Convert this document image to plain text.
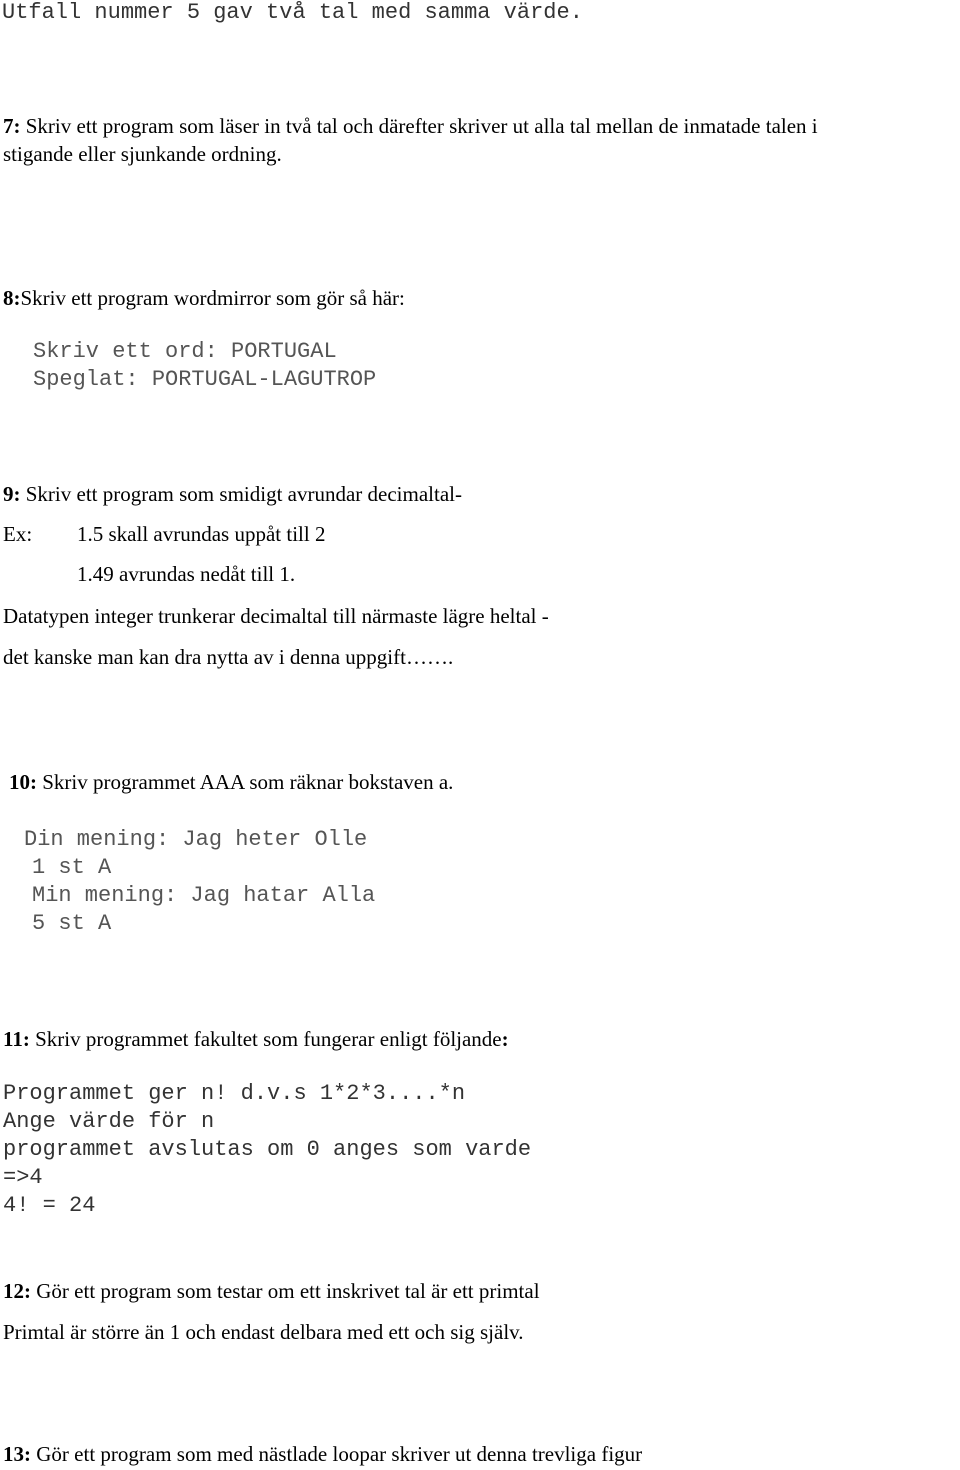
Utfall nummer 5 gav två tal med samma värde.
7: Skriv ett program som läser in två tal och därefter skriver ut alla tal mellan de inmatade talen i
stigande eller sjunkande ordning.
8:Skriv ett program wordmirror som gör så här:
Skriv ett ord: PORTUGAL
Speglat: PORTUGAL-LAGUTROP
9: Skriv ett program som smidigt avrundar decimaltal-
Ex: 1.5 skall avrundas uppåt till 2
1.49 avrundas nedåt till 1.
Datatypen integer trunkerar decimaltal till närmaste lägre heltal -
det kanske man kan dra nytta av i denna uppgift…….
10: Skriv programmet AAA som räknar bokstaven a.
Din mening: Jag heter Olle
1 st A
Min mening: Jag hatar Alla
5 st A
11: Skriv programmet fakultet som fungerar enligt följande:
Programmet ger n! d.v.s 1*2*3....*n
Ange värde för n
programmet avslutas om 0 anges som varde
=>4
4! = 24
12: Gör ett program som testar om ett inskrivet tal är ett primtal
Primtal är större än 1 och endast delbara med ett och sig själv.
13: Gör ett program som med nästlade loopar skriver ut denna trevliga figur
